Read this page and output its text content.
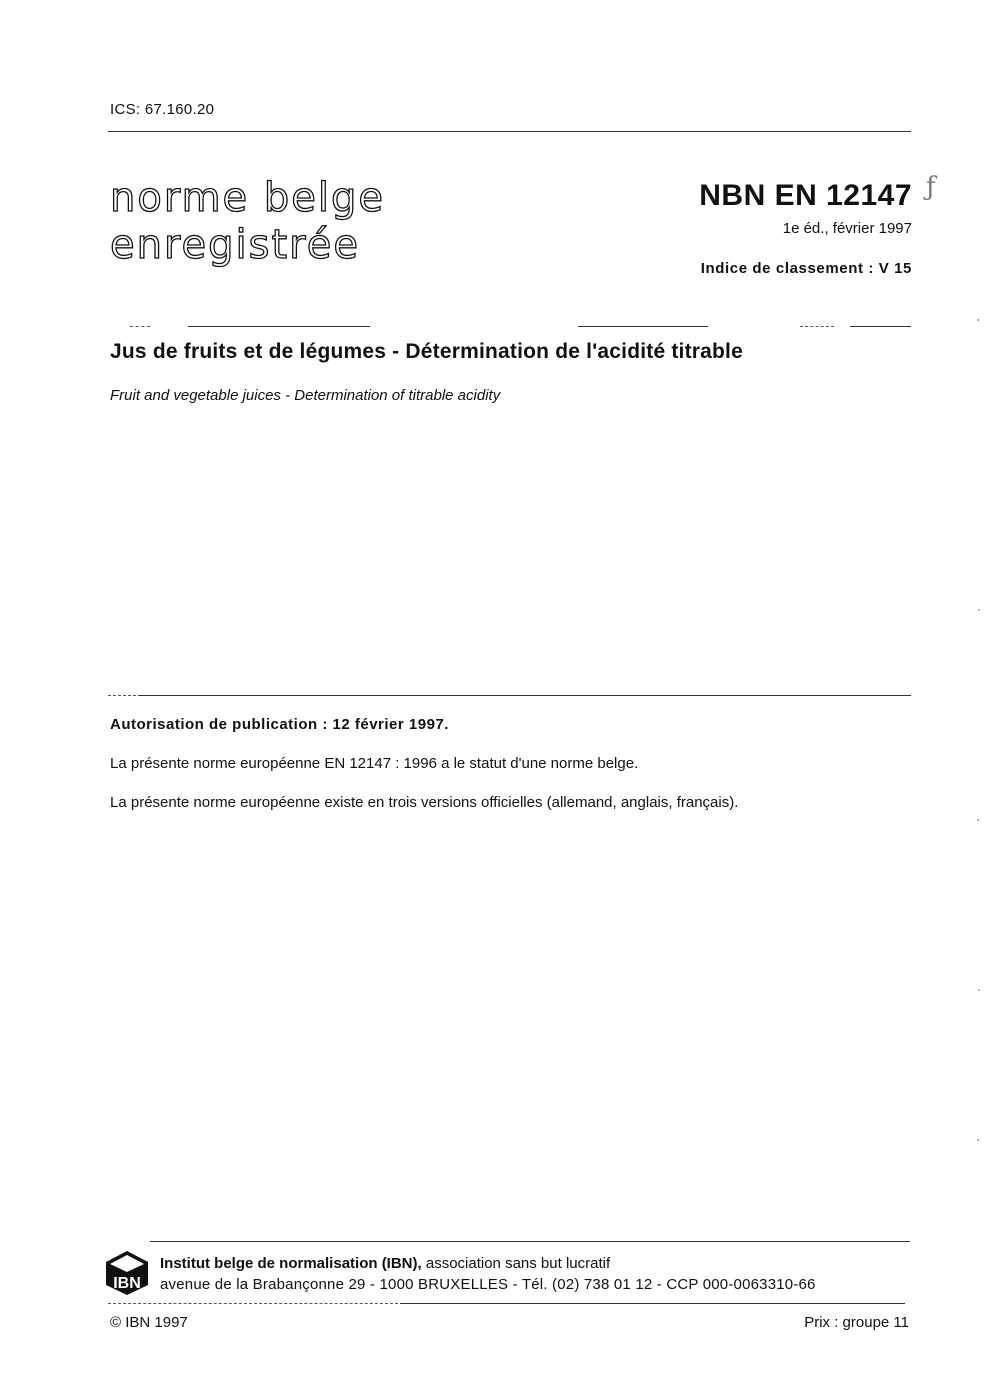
ICS: 67.160.20
norme belge
enregistrée
NBN EN 12147 ƒ
1e éd., février 1997
Indice de classement : V 15
Jus de fruits et de légumes - Détermination de l'acidité titrable
Fruit and vegetable juices - Determination of titrable acidity
Autorisation de publication : 12 février 1997.
La présente norme européenne EN 12147 : 1996 a le statut d'une norme belge.
La présente norme européenne existe en trois versions officielles (allemand, anglais, français).
IBN
Institut belge de normalisation (IBN), association sans but lucratif
avenue de la Brabançonne 29 - 1000 BRUXELLES - Tél. (02) 738 01 12 - CCP 000-0063310-66
© IBN 1997	Prix : groupe 11
